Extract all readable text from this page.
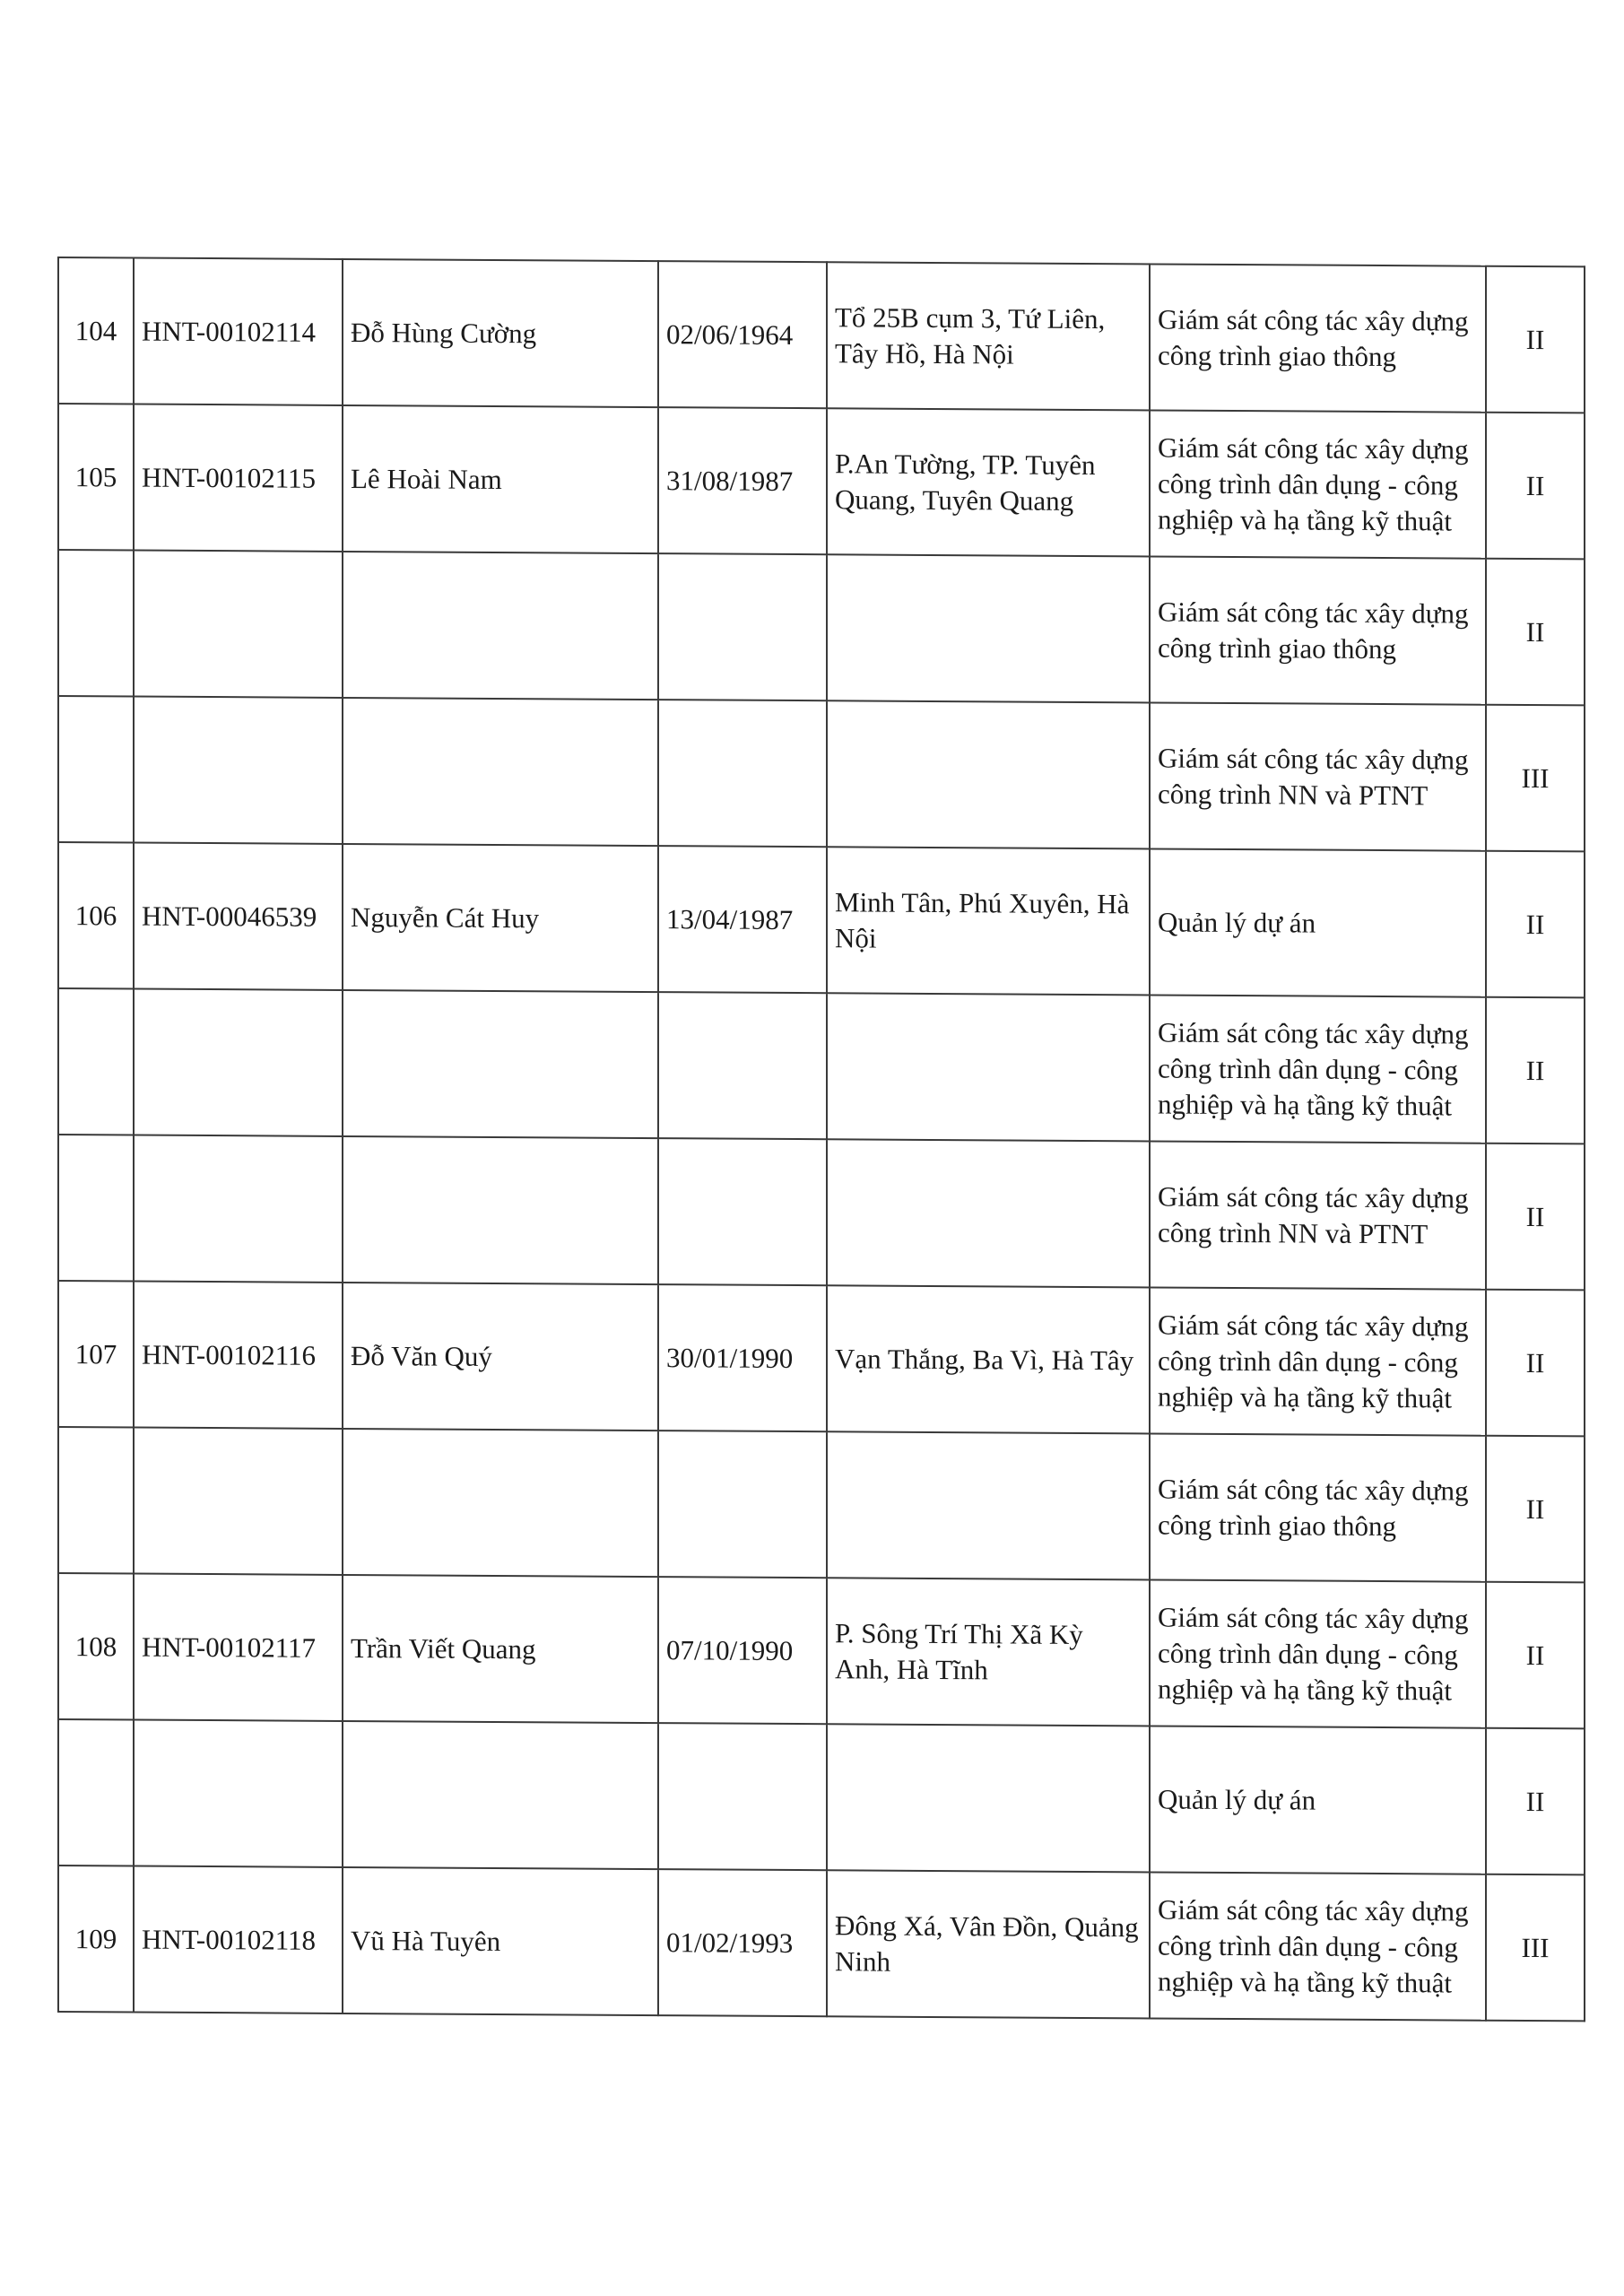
104	HNT-00102114	Đỗ Hùng Cường	02/06/1964	Tổ 25B cụm 3, Tứ Liên, Tây Hồ, Hà Nội	Giám sát công tác xây dựng công trình giao thông	II
105	HNT-00102115	Lê Hoài Nam	31/08/1987	P.An Tường, TP. Tuyên Quang, Tuyên Quang	Giám sát công tác xây dựng công trình dân dụng - công nghiệp và hạ tầng kỹ thuật	II
					Giám sát công tác xây dựng công trình giao thông	II
					Giám sát công tác xây dựng công trình NN và PTNT	III
106	HNT-00046539	Nguyễn Cát Huy	13/04/1987	Minh Tân, Phú Xuyên, Hà Nội	Quản lý dự án	II
					Giám sát công tác xây dựng công trình dân dụng - công nghiệp và hạ tầng kỹ thuật	II
					Giám sát công tác xây dựng công trình NN và PTNT	II
107	HNT-00102116	Đỗ Văn Quý	30/01/1990	Vạn Thắng, Ba Vì, Hà Tây	Giám sát công tác xây dựng công trình dân dụng - công nghiệp và hạ tầng kỹ thuật	II
					Giám sát công tác xây dựng công trình giao thông	II
108	HNT-00102117	Trần Viết Quang	07/10/1990	P. Sông Trí Thị Xã Kỳ Anh, Hà Tĩnh	Giám sát công tác xây dựng công trình dân dụng - công nghiệp và hạ tầng kỹ thuật	II
					Quản lý dự án	II
109	HNT-00102118	Vũ Hà Tuyên	01/02/1993	Đông Xá, Vân Đồn, Quảng Ninh	Giám sát công tác xây dựng công trình dân dụng - công nghiệp và hạ tầng kỹ thuật	III
